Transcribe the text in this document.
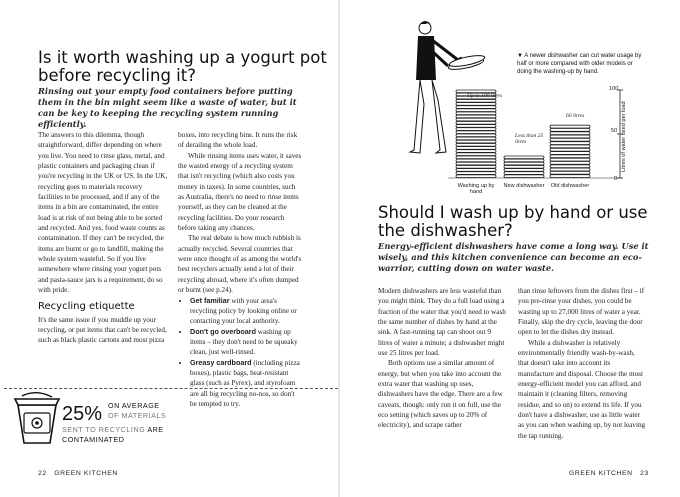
Is it worth washing up a yogurt pot before recycling it?
Rinsing out your empty food containers before putting them in the bin might seem like a waste of water, but it can be key to keeping the recycling system running efficiently.

The answers to this dilemma, though straightforward, differ depending on where you live. You need to rinse glass, metal, and plastic containers and packaging clean if you're recycling in the UK or US. In the UK, recycling goes to materials recovery facilities to be processed, and if any of the items in a bin are contaminated, the entire load is at risk of not being able to be sorted and recycled. And yes, food waste counts as contamination. If they can't be recycled, the items are burnt or go to landfill, making the whole system wasteful. So if you live somewhere where rinsing your yogurt pots and pasta-sauce jars is a requirement, do so with pride.

Recycling etiquette

It's the same issue if you muddle up your recycling, or put items that can't be recycled, such as black plastic cartons and most pizza

boxes, into recycling bins. It runs the risk of derailing the whole load.

While rinsing items uses water, it saves the wasted energy of a recycling system that isn't recycling (which also costs you money in taxes). In some countries, such as Australia, there's no need to rinse items yourself, as they can be cleaned at the recycling facilities. Do your research before taking any chances.

The real debate is how much rubbish is actually recycled. Several countries that were once thought of as among the world's best recyclers actually send a lot of their recycling abroad, where it's often dumped or burnt (see p.24).

• Get familiar with your area's recycling policy by looking online or contacting your local authority.
• Don't go overboard washing up items – they don't need to be squeaky clean, just well-rinsed.
• Greasy cardboard (including pizza boxes), plastic bags, heat-resistant glass (such as Pyrex), and styrofoam are all big recycling no-nos, so don't be tempted to try.
25% ON AVERAGE
OF MATERIALS
SENT TO RECYCLING ARE
CONTAMINATED
22 GREEN KITCHEN
▼ A newer dishwasher can cut water usage by half or more compared with older models or doing the washing-up by hand.
Up to 100 litres
Less than 25 litres
60 litres
Washing up by hand
New dishwasher	Old dishwasher
100
50
0
Litres of water used per load
Should I wash up by hand or use the dishwasher?
Energy-efficient dishwashers have come a long way. Use it wisely, and this kitchen convenience can become an eco-warrior, cutting down on water waste.

Modern dishwashers are less wasteful than you might think. They do a full load using a fraction of the water that you'd need to wash the same number of dishes by hand at the sink. A fast-running tap can shoot out 9 litres of water a minute; a dishwasher might use 25 litres per load.

Both options use a similar amount of energy, but when you take into account the extra water that washing up uses, dishwashers have the edge. There are a few caveats, though: only run it on full, use the eco setting (which saves up to 20% of electricity), and scrape rather

than rinse leftovers from the dishes first – if you pre-rinse your dishes, you could be wasting up to 27,000 litres of water a year. Finally, skip the dry cycle, leaving the door open to let the dishes dry instead.

While a dishwasher is relatively environmentally friendly wash-by-wash, that doesn't take into account its manufacture and disposal. Choose the most energy-efficient model you can afford, and maintain it (cleaning filters, removing residue, and so on) to extend its life. If you don't have a dishwasher, use as little water as you can when washing up, by not leaving the tap running.

GREEN KITCHEN 23
